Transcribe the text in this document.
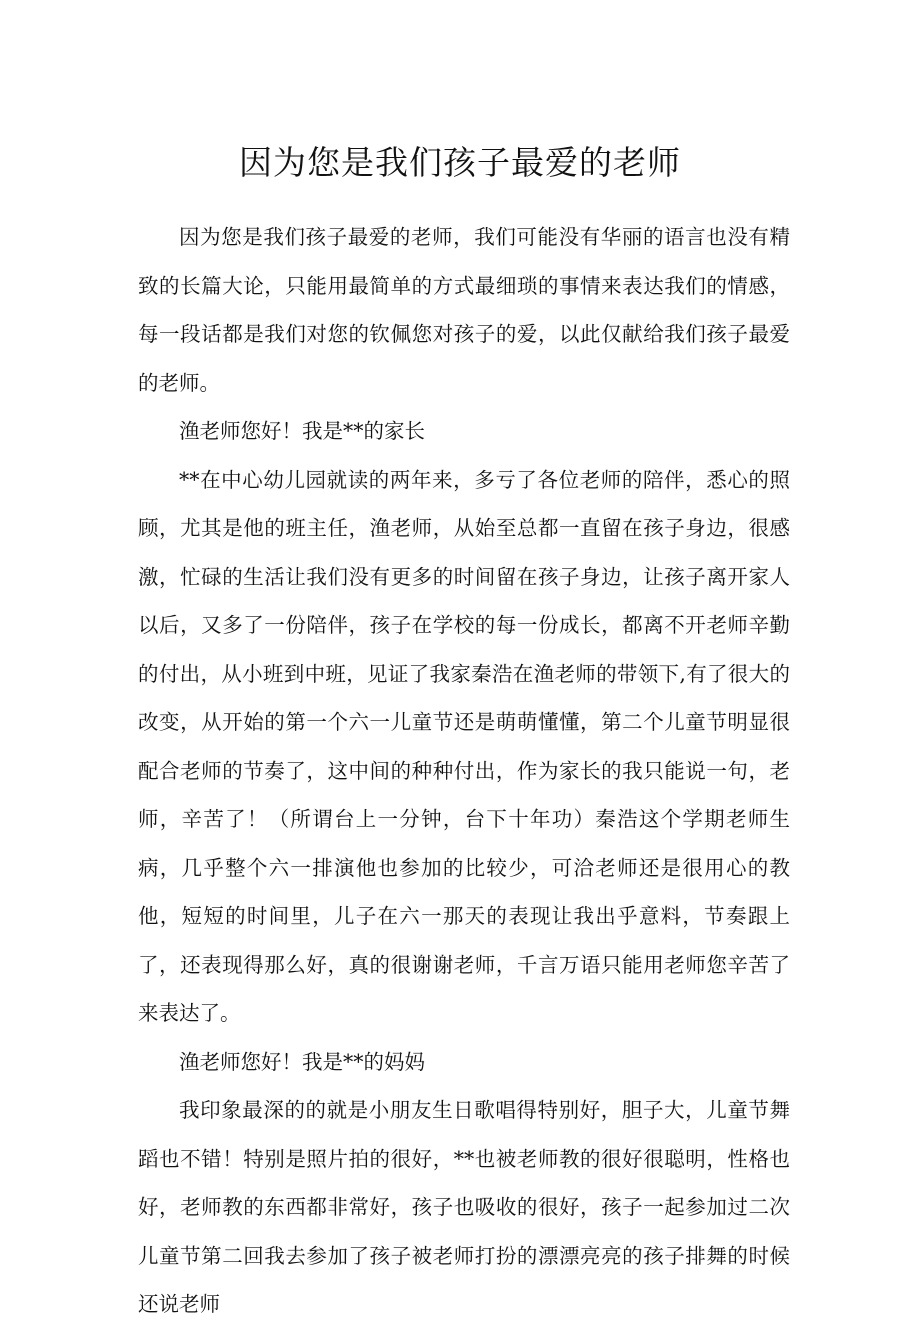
因为您是我们孩子最爱的老师

因为您是我们孩子最爱的老师，我们可能没有华丽的语言也没有精致的长篇大论，只能用最简单的方式最细琐的事情来表达我们的情感，每一段话都是我们对您的钦佩您对孩子的爱，以此仅献给我们孩子最爱的老师。

渔老师您好！我是**的家长

**在中心幼儿园就读的两年来，多亏了各位老师的陪伴，悉心的照顾，尤其是他的班主任，渔老师，从始至总都一直留在孩子身边，很感激，忙碌的生活让我们没有更多的时间留在孩子身边，让孩子离开家人以后，又多了一份陪伴，孩子在学校的每一份成长，都离不开老师辛勤的付出，从小班到中班，见证了我家秦浩在渔老师的带领下,有了很大的改变，从开始的第一个六一儿童节还是萌萌懂懂，第二个儿童节明显很配合老师的节奏了，这中间的种种付出，作为家长的我只能说一句，老师，辛苦了！（所谓台上一分钟，台下十年功）秦浩这个学期老师生病，几乎整个六一排演他也参加的比较少，可洽老师还是很用心的教他，短短的时间里，儿子在六一那天的表现让我出乎意料，节奏跟上了，还表现得那么好，真的很谢谢老师，千言万语只能用老师您辛苦了来表达了。

渔老师您好！我是**的妈妈

我印象最深的的就是小朋友生日歌唱得特别好，胆子大，儿童节舞蹈也不错！特别是照片拍的很好，**也被老师教的很好很聪明，性格也好，老师教的东西都非常好，孩子也吸收的很好，孩子一起参加过二次儿童节第二回我去参加了孩子被老师打扮的漂漂亮亮的孩子排舞的时候还说老师
